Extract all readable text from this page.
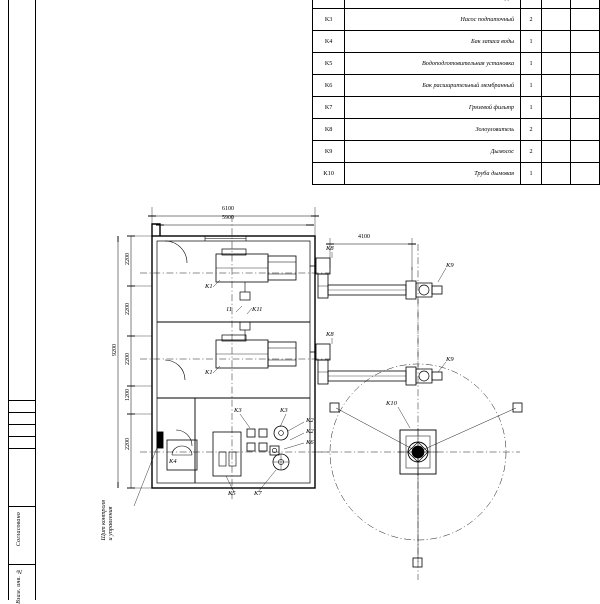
K3	Насос подпиточный	2		
K4	Бак запаса воды	1		
K5	Водоподготовительная установка	1		
K6	Бак расширительный мембранный	1		
K7	Грязевой фильтр	1		
K8	Золоуловитель	2		
K9	Дымосос	2		
K10	Труба дымовая	1		
Согласовано
Взам. инв. №
6100
5900
4100
9200
2200
2200
2200
1200
2200
K1
K1
K11
11
K8
K8
K9
K9
K10
K3	K3
K2
K2
K6
K4
K5	K7
Щит контроля
и управления
